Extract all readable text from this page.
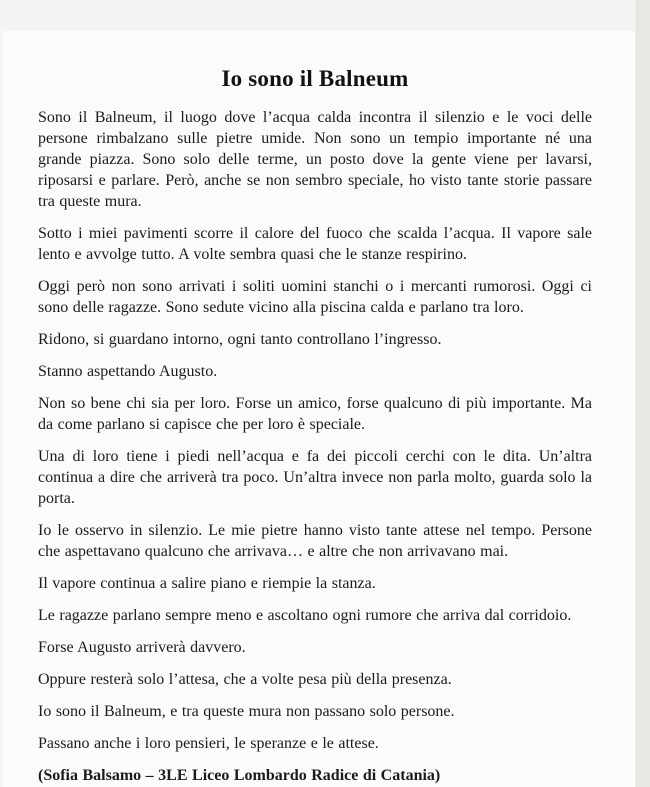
Io sono il Balneum

Sono il Balneum, il luogo dove l’acqua calda incontra il silenzio e le voci delle persone rimbalzano sulle pietre umide. Non sono un tempio importante né una grande piazza. Sono solo delle terme, un posto dove la gente viene per lavarsi, riposarsi e parlare. Però, anche se non sembro speciale, ho visto tante storie passare tra queste mura.

Sotto i miei pavimenti scorre il calore del fuoco che scalda l’acqua. Il vapore sale lento e avvolge tutto. A volte sembra quasi che le stanze respirino.

Oggi però non sono arrivati i soliti uomini stanchi o i mercanti rumorosi. Oggi ci sono delle ragazze. Sono sedute vicino alla piscina calda e parlano tra loro.

Ridono, si guardano intorno, ogni tanto controllano l’ingresso.

Stanno aspettando Augusto.

Non so bene chi sia per loro. Forse un amico, forse qualcuno di più importante. Ma da come parlano si capisce che per loro è speciale.

Una di loro tiene i piedi nell’acqua e fa dei piccoli cerchi con le dita. Un’altra continua a dire che arriverà tra poco. Un’altra invece non parla molto, guarda solo la porta.

Io le osservo in silenzio. Le mie pietre hanno visto tante attese nel tempo. Persone che aspettavano qualcuno che arrivava… e altre che non arrivavano mai.

Il vapore continua a salire piano e riempie la stanza.

Le ragazze parlano sempre meno e ascoltano ogni rumore che arriva dal corridoio.

Forse Augusto arriverà davvero.

Oppure resterà solo l’attesa, che a volte pesa più della presenza.

Io sono il Balneum, e tra queste mura non passano solo persone.

Passano anche i loro pensieri, le speranze e le attese.

(Sofia Balsamo – 3LE Liceo Lombardo Radice di Catania)
